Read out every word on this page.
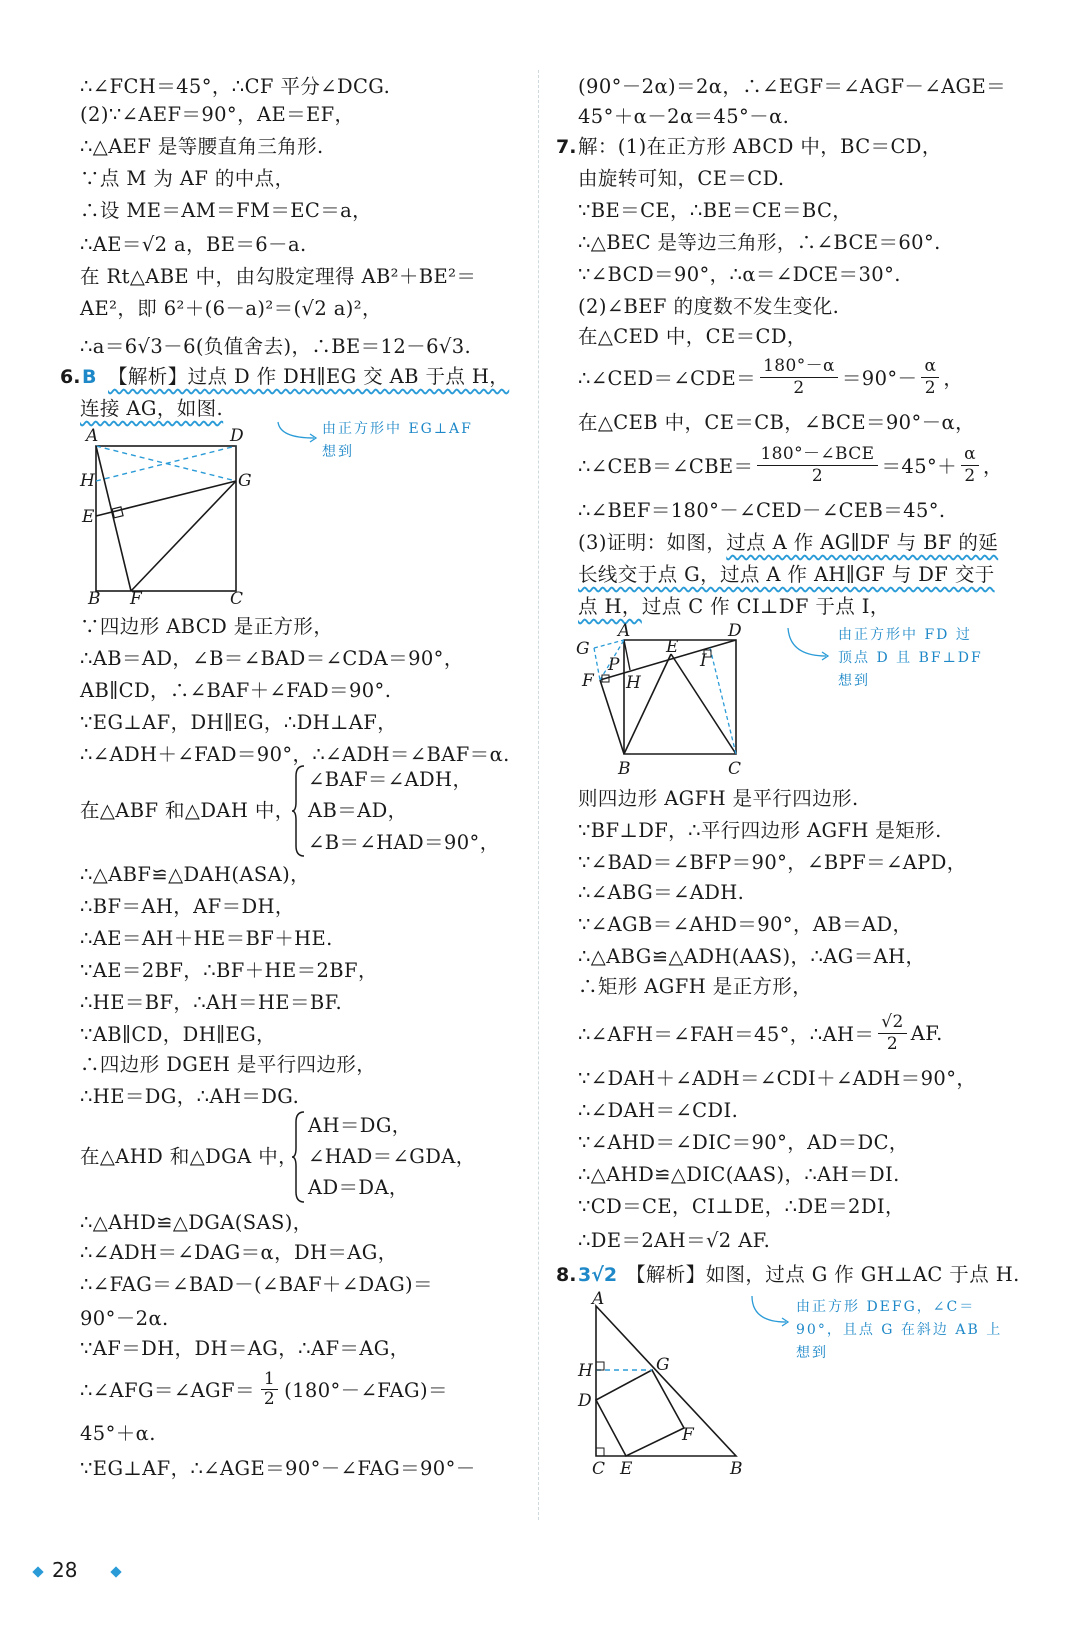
∴∠FCH＝45°，∴CF 平分∠DCG.
(2)∵∠AEF＝90°，AE＝EF，
∴△AEF 是等腰直角三角形.
∵点 M 为 AF 的中点，
∴设 ME＝AM＝FM＝EC＝a，
∴AE＝√2 a，BE＝6－a.
在 Rt△ABE 中，由勾股定理得 AB²＋BE²＝
AE²，即 6²＋(6－a)²＝(√2 a)²，
∴a＝6√3－6(负值舍去)，∴BE＝12－6√3.
∵四边形 ABCD 是正方形，
∴AB＝AD，∠B＝∠BAD＝∠CDA＝90°，
AB∥CD，∴∠BAF＋∠FAD＝90°.
∵EG⊥AF，DH∥EG，∴DH⊥AF，
∴∠ADH＋∠FAD＝90°，∴∠ADH＝∠BAF＝α.
∴△ABF≌△DAH(ASA)，
∴BF＝AH，AF＝DH，
∴AE＝AH＋HE＝BF＋HE.
∵AE＝2BF，∴BF＋HE＝2BF，
∴HE＝BF，∴AH＝HE＝BF.
∵AB∥CD，DH∥EG，
∴四边形 DGEH 是平行四边形，
∴HE＝DG，∴AH＝DG.
∴△AHD≌△DGA(SAS)，
∴∠ADH＝∠DAG＝α，DH＝AG，
∴∠FAG＝∠BAD－(∠BAF＋∠DAG)＝
90°－2α.
∵AF＝DH，DH＝AG，∴AF＝AG，
∵EG⊥AF，∴∠AGE＝90°－∠FAG＝90°－
(90°－2α)＝2α，∴∠EGF＝∠AGF－∠AGE＝
45°＋α－2α＝45°－α.
由旋转可知，CE＝CD.
∵BE＝CE，∴BE＝CE＝BC，
∴△BEC 是等边三角形，∴∠BCE＝60°.
∵∠BCD＝90°，∴α＝∠DCE＝30°.
(2)∠BEF 的度数不发生变化.
在△CED 中，CE＝CD，
在△CEB 中，CE＝CB，∠BCE＝90°－α，
∴∠BEF＝180°－∠CED－∠CEB＝45°.
则四边形 AGFH 是平行四边形.
∵BF⊥DF，∴平行四边形 AGFH 是矩形.
∵∠BAD＝∠BFP＝90°，∠BPF＝∠APD，
∴∠ABG＝∠ADH.
∵∠AGB＝∠AHD＝90°，AB＝AD，
∴△ABG≌△ADH(AAS)，∴AG＝AH，
∴矩形 AGFH 是正方形，
∵∠DAH＋∠ADH＝∠CDI＋∠ADH＝90°，
∴∠DAH＝∠CDI.
∵∠AHD＝∠DIC＝90°，AD＝DC，
∴△AHD≌△DIC(AAS)，∴AH＝DI.
∵CD＝CE，CI⊥DE，∴DE＝2DI，
∴DE＝2AH＝√2 AF.
6. B 【解析】过点 D 作 DH∥EG 交 AB 于点 H，
连接 AG，如图.
A	D
H	G
E
B F	C
由正方形中 EG⊥AF
想到
在△ABF 和△DAH 中，
∠BAF＝∠ADH，
AB＝AD，
∠B＝∠HAD＝90°，
在△AHD 和△DGA 中，
AH＝DG，
∠HAD＝∠GDA，
AD＝DA，
∴∠AFG＝∠AGF＝ $\frac{1}{2}$ (180°－∠FAG)＝
45°＋α.
7. 解：(1)在正方形 ABCD 中，BC＝CD，
∴∠CED＝∠CDE＝ $\frac{180^\circ-\alpha}{2} =90^\circ- \frac{\alpha}{2}$ ，
∴∠CEB＝∠CBE＝
180°－∠BCE
2	$=45^\circ+ \frac{\alpha}{2}$ ，
(3)证明：如图，过点 A 作 AG∥DF 与 BF 的延
长线交于点 G，过点 A 作 AH∥GF 与 DF 交于
点 H，过点 C 作 CI⊥DF 于点 I，
G
A
E
D
P	I
F H
B	C
由正方形中 FD 过
顶点 D 且 BF⊥DF
想到
∴∠AFH＝∠FAH＝45°，∴AH＝ $\frac{√2}{2}$ AF.
8. 3√2 【解析】如图，过点 G 作 GH⊥AC 于点 H.
A
H	G
D
F
C E	B
由正方形 DEFG，∠C＝
90°，且点 G 在斜边 AB 上
想到
28
